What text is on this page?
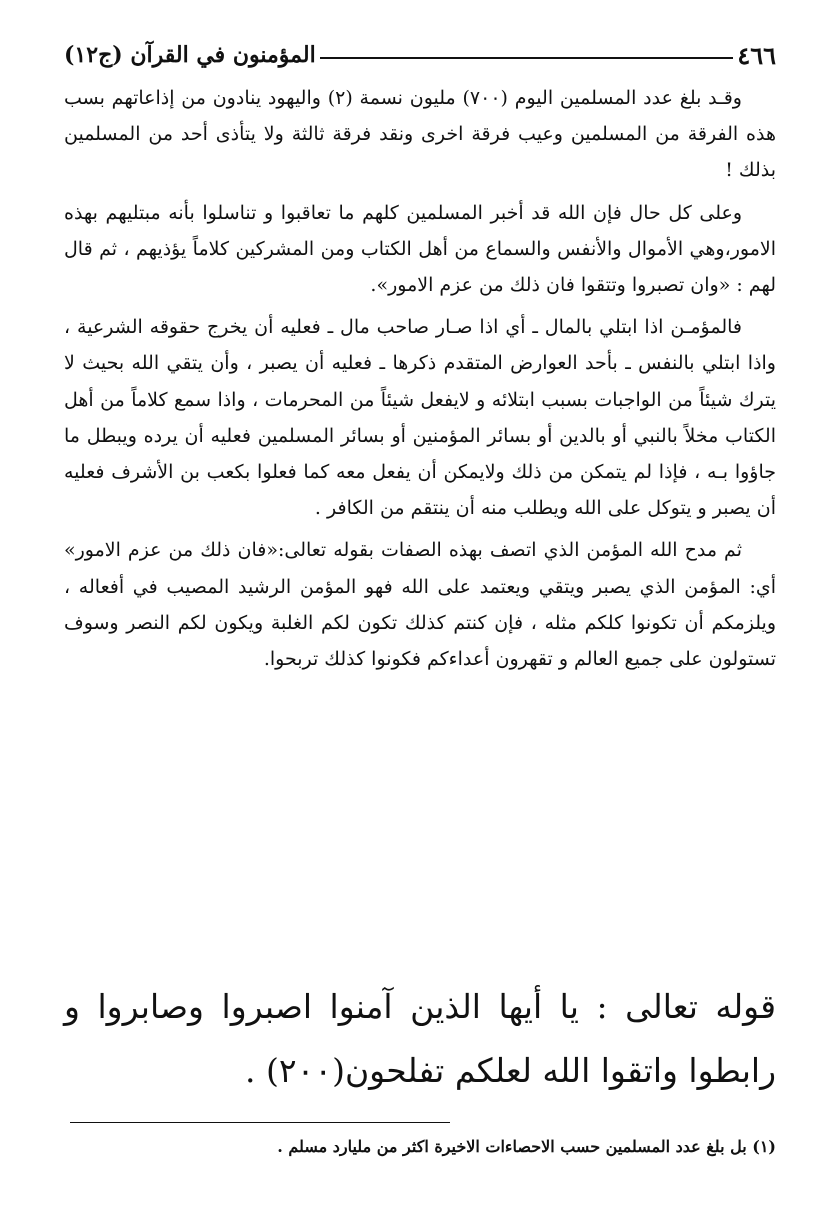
٤٦٦
المؤمنون في القرآن (ج١٢)

وقـد بلغ عدد المسلمين اليوم (٧٠٠) مليون نسمة (٢) واليهود ينادون من إذاعاتهم بسب هذه الفرقة من المسلمين وعيب فرقة اخرى ونقد فرقة ثالثة ولا يتأذى أحد من المسلمين بذلك !

وعلى كل حال فإن الله قد أخبر المسلمين كلهم ما تعاقبوا و تناسلوا بأنه مبتليهم بهذه الامور،وهي الأموال والأنفس والسماع من أهل الكتاب ومن المشركين كلاماً يؤذيهم ، ثم قال لهم : «وان تصبروا وتتقوا فان ذلك من عزم الامور».

فالمؤمـن اذا ابتلي بالمال ـ أي اذا صـار صاحب مال ـ فعليه أن يخرج حقوقه الشرعية ، واذا ابتلي بالنفس ـ بأحد العوارض المتقدم ذكرها ـ فعليه أن يصبر ، وأن يتقي الله بحيث لا يترك شيئاً من الواجبات بسبب ابتلائه و لايفعل شيئاً من المحرمات ، واذا سمع كلاماً من أهل الكتاب مخلاً بالنبي أو بالدين أو بسائر المؤمنين أو بسائر المسلمين فعليه أن يرده ويبطل ما جاؤوا بـه ، فإذا لم يتمكن من ذلك ولايمكن أن يفعل معه كما فعلوا بكعب بن الأشرف فعليه أن يصبر و يتوكل على الله ويطلب منه أن ينتقم من الكافر .

ثم مدح الله المؤمن الذي اتصف بهذه الصفات بقوله تعالى:«فان ذلك من عزم الامور» أي: المؤمن الذي يصبر ويتقي ويعتمد على الله فهو المؤمن الرشيد المصيب في أفعاله ، ويلزمكم أن تكونوا كلكم مثله ، فإن كنتم كذلك تكون لكم الغلبة ويكون لكم النصر وسوف تستولون على جميع العالم و تقهرون أعداءكم فكونوا كذلك تربحوا.

قوله تعالى : يا أيها الذين آمنوا اصبروا وصابروا و رابطوا واتقوا الله لعلكم تفلحون(٢٠٠) .

(١) بل بلغ عدد المسلمين حسب الاحصاءات الاخيرة اكثر من مليارد مسلم .
